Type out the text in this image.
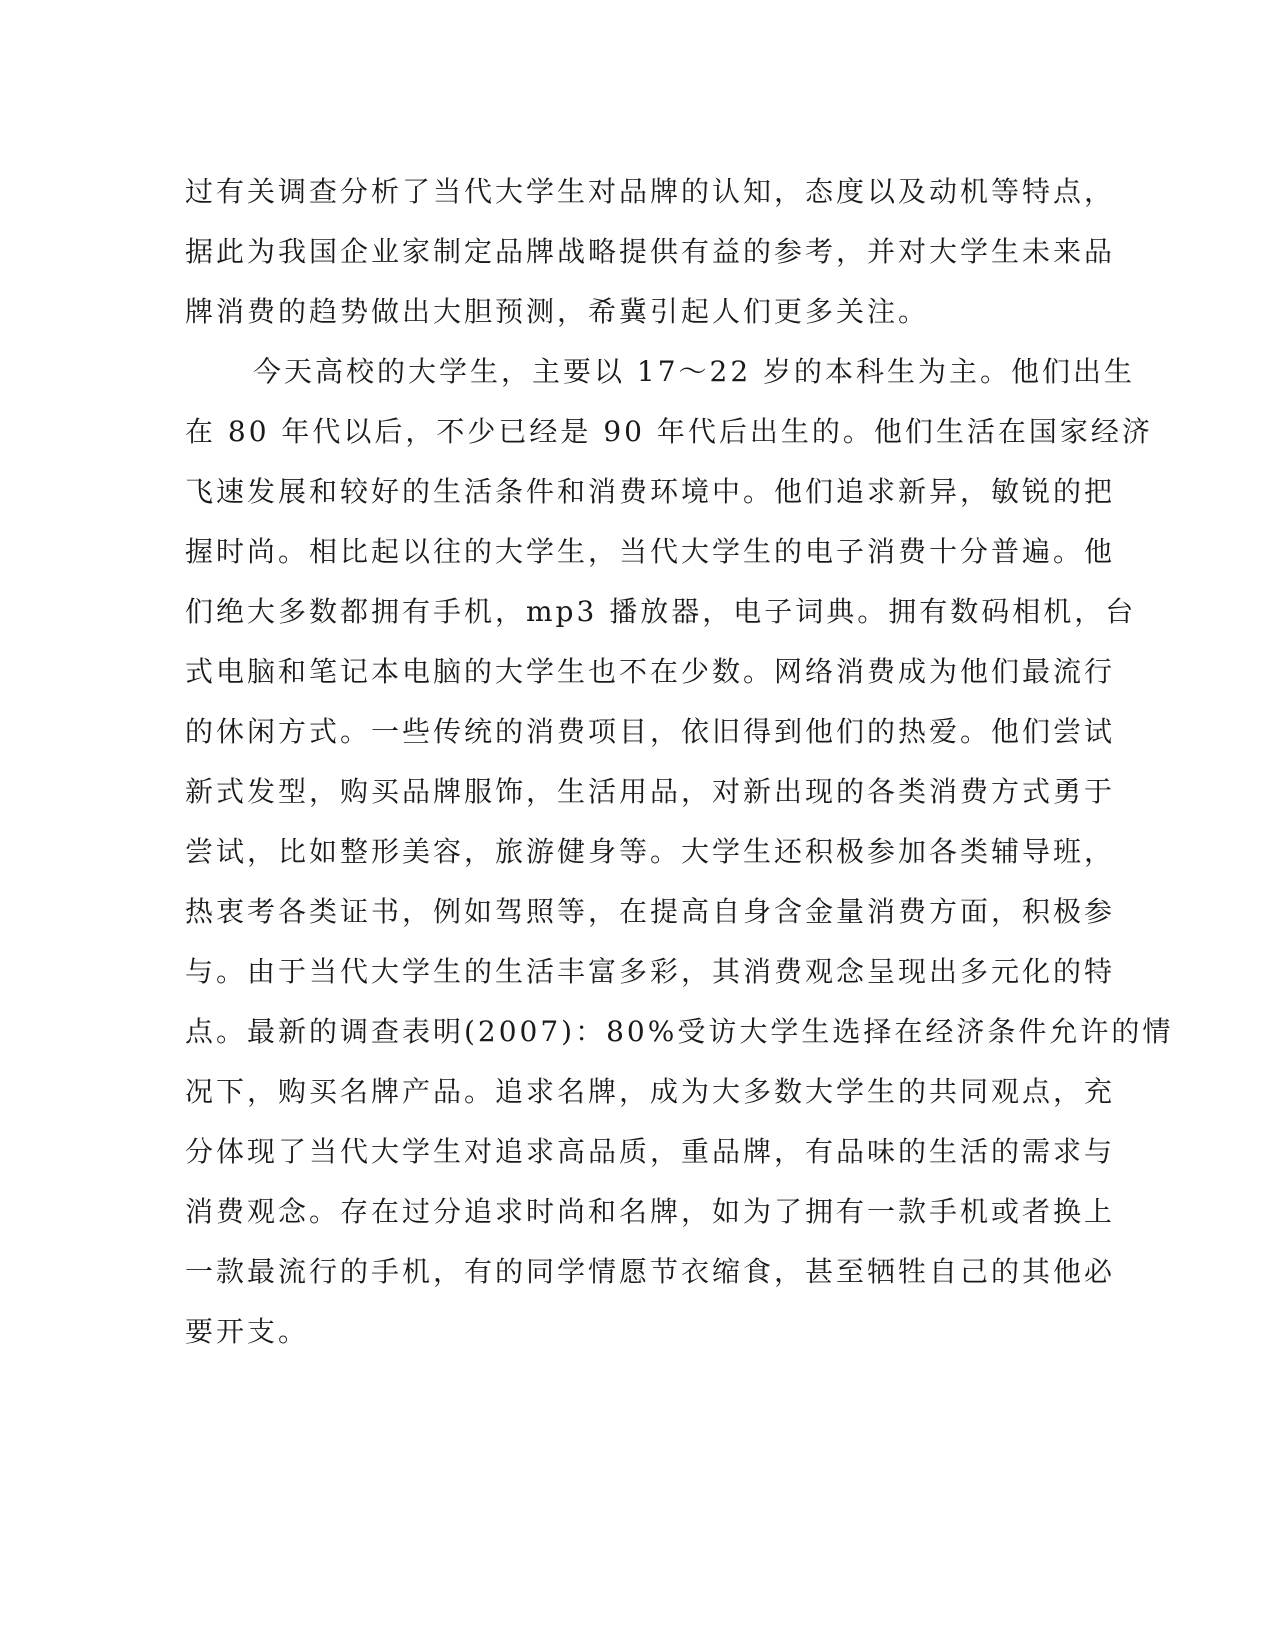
过有关调查分析了当代大学生对品牌的认知，态度以及动机等特点，
据此为我国企业家制定品牌战略提供有益的参考，并对大学生未来品
牌消费的趋势做出大胆预测，希冀引起人们更多关注。
今天高校的大学生，主要以 17～22 岁的本科生为主。他们出生
在 80 年代以后，不少已经是 90 年代后出生的。他们生活在国家经济
飞速发展和较好的生活条件和消费环境中。他们追求新异，敏锐的把
握时尚。相比起以往的大学生，当代大学生的电子消费十分普遍。他
们绝大多数都拥有手机，mp3 播放器，电子词典。拥有数码相机，台
式电脑和笔记本电脑的大学生也不在少数。网络消费成为他们最流行
的休闲方式。一些传统的消费项目，依旧得到他们的热爱。他们尝试
新式发型，购买品牌服饰，生活用品，对新出现的各类消费方式勇于
尝试，比如整形美容，旅游健身等。大学生还积极参加各类辅导班，
热衷考各类证书，例如驾照等，在提高自身含金量消费方面，积极参
与。由于当代大学生的生活丰富多彩，其消费观念呈现出多元化的特
点。最新的调查表明(2007)：80%受访大学生选择在经济条件允许的情
况下，购买名牌产品。追求名牌，成为大多数大学生的共同观点，充
分体现了当代大学生对追求高品质，重品牌，有品味的生活的需求与
消费观念。存在过分追求时尚和名牌，如为了拥有一款手机或者换上
一款最流行的手机，有的同学情愿节衣缩食，甚至牺牲自己的其他必
要开支。
